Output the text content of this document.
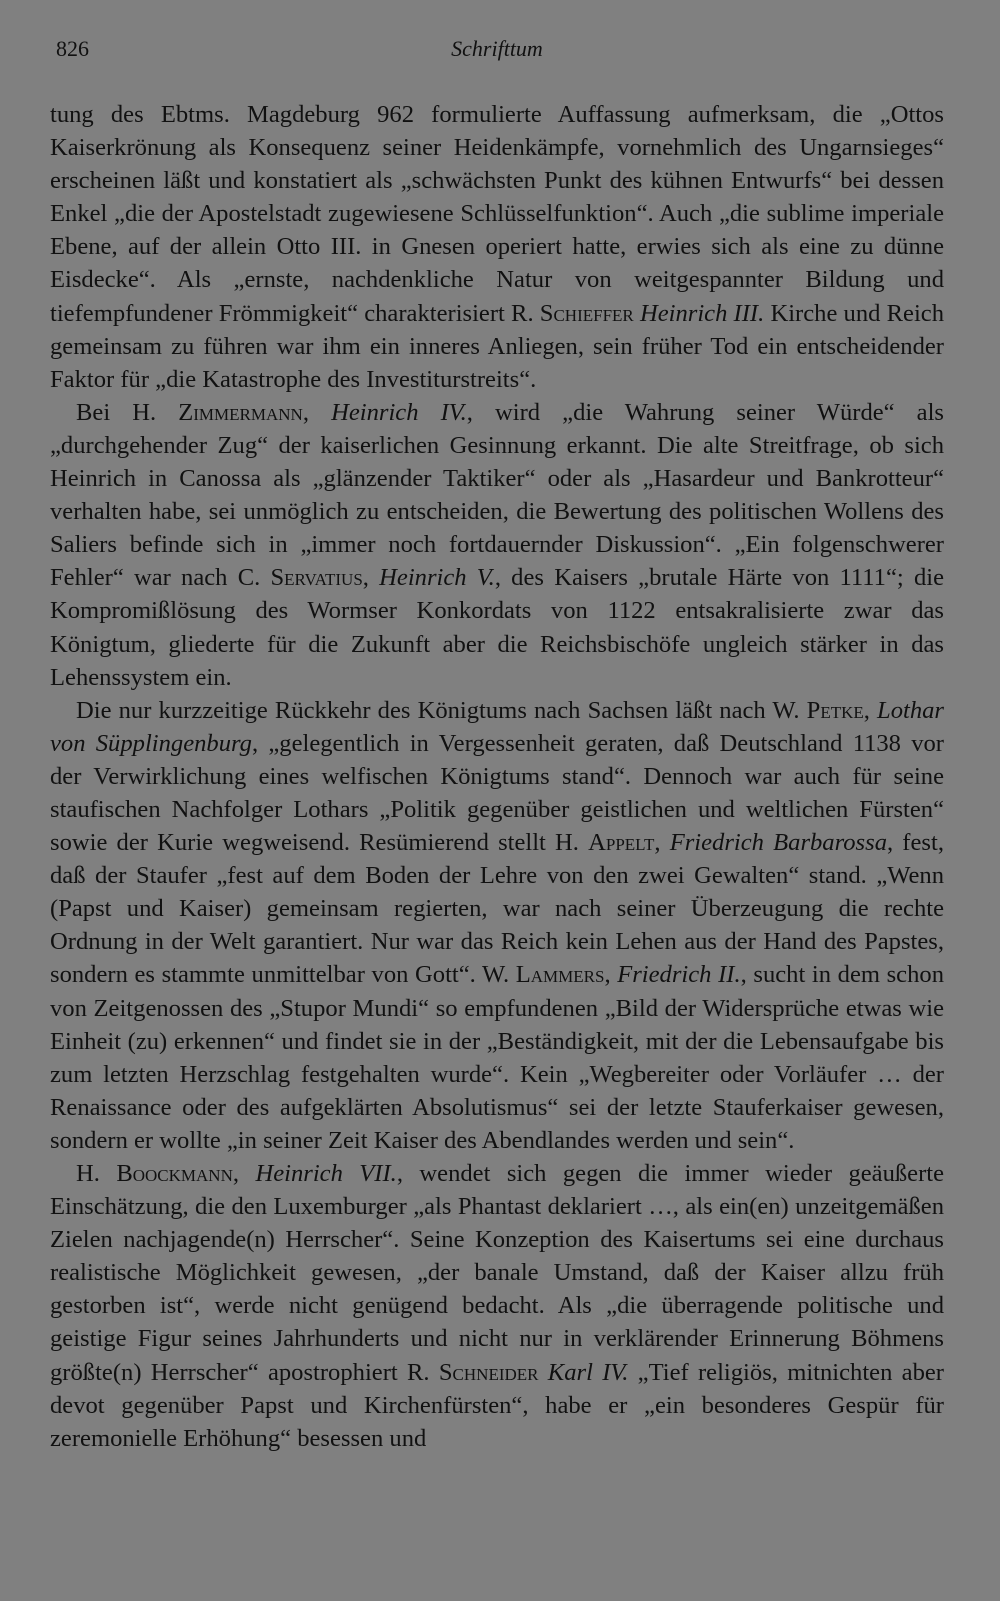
826	Schrifttum

tung des Ebtms. Magdeburg 962 formulierte Auffassung aufmerksam, die „Ottos Kaiserkrönung als Konsequenz seiner Heidenkämpfe, vornehmlich des Ungarnsieges“ erscheinen läßt und konstatiert als „schwächsten Punkt des kühnen Entwurfs“ bei dessen Enkel „die der Apostelstadt zugewiesene Schlüsselfunktion“. Auch „die sublime imperiale Ebene, auf der allein Otto III. in Gnesen operiert hatte, erwies sich als eine zu dünne Eisdecke“. Als „ernste, nachdenkliche Natur von weitgespannter Bildung und tiefempfundener Frömmigkeit“ charakterisiert R. Schieffer Heinrich III. Kirche und Reich gemeinsam zu führen war ihm ein inneres Anliegen, sein früher Tod ein entscheidender Faktor für „die Katastrophe des Investiturstreits“.

Bei H. Zimmermann, Heinrich IV., wird „die Wahrung seiner Würde“ als „durchgehender Zug“ der kaiserlichen Gesinnung erkannt. Die alte Streitfrage, ob sich Heinrich in Canossa als „glänzender Taktiker“ oder als „Hasardeur und Bankrotteur“ verhalten habe, sei unmöglich zu entscheiden, die Bewertung des politischen Wollens des Saliers befinde sich in „immer noch fortdauernder Diskussion“. „Ein folgenschwerer Fehler“ war nach C. Servatius, Heinrich V., des Kaisers „brutale Härte von 1111“; die Kompromißlösung des Wormser Konkordats von 1122 entsakralisierte zwar das Königtum, gliederte für die Zukunft aber die Reichsbischöfe ungleich stärker in das Lehenssystem ein.

Die nur kurzzeitige Rückkehr des Königtums nach Sachsen läßt nach W. Petke, Lothar von Süpplingenburg, „gelegentlich in Vergessenheit geraten, daß Deutschland 1138 vor der Verwirklichung eines welfischen Königtums stand“. Dennoch war auch für seine staufischen Nachfolger Lothars „Politik gegenüber geistlichen und weltlichen Fürsten“ sowie der Kurie wegweisend. Resümierend stellt H. Appelt, Friedrich Barbarossa, fest, daß der Staufer „fest auf dem Boden der Lehre von den zwei Gewalten“ stand. „Wenn (Papst und Kaiser) gemeinsam regierten, war nach seiner Überzeugung die rechte Ordnung in der Welt garantiert. Nur war das Reich kein Lehen aus der Hand des Papstes, sondern es stammte unmittelbar von Gott“. W. Lammers, Friedrich II., sucht in dem schon von Zeitgenossen des „Stupor Mundi“ so empfundenen „Bild der Widersprüche etwas wie Einheit (zu) erkennen“ und findet sie in der „Beständigkeit, mit der die Lebensaufgabe bis zum letzten Herzschlag festgehalten wurde“. Kein „Wegbereiter oder Vorläufer … der Renaissance oder des aufgeklärten Absolutismus“ sei der letzte Stauferkaiser gewesen, sondern er wollte „in seiner Zeit Kaiser des Abendlandes werden und sein“.

H. Boockmann, Heinrich VII., wendet sich gegen die immer wieder geäußerte Einschätzung, die den Luxemburger „als Phantast deklariert …, als ein(en) unzeitgemäßen Zielen nachjagende(n) Herrscher“. Seine Konzeption des Kaisertums sei eine durchaus realistische Möglichkeit gewesen, „der banale Umstand, daß der Kaiser allzu früh gestorben ist“, werde nicht genügend bedacht. Als „die überragende politische und geistige Figur seines Jahrhunderts und nicht nur in verklärender Erinnerung Böhmens größte(n) Herrscher“ apostrophiert R. Schneider Karl IV. „Tief religiös, mitnichten aber devot gegenüber Papst und Kirchenfürsten“, habe er „ein besonderes Gespür für zeremonielle Erhöhung“ besessen und
